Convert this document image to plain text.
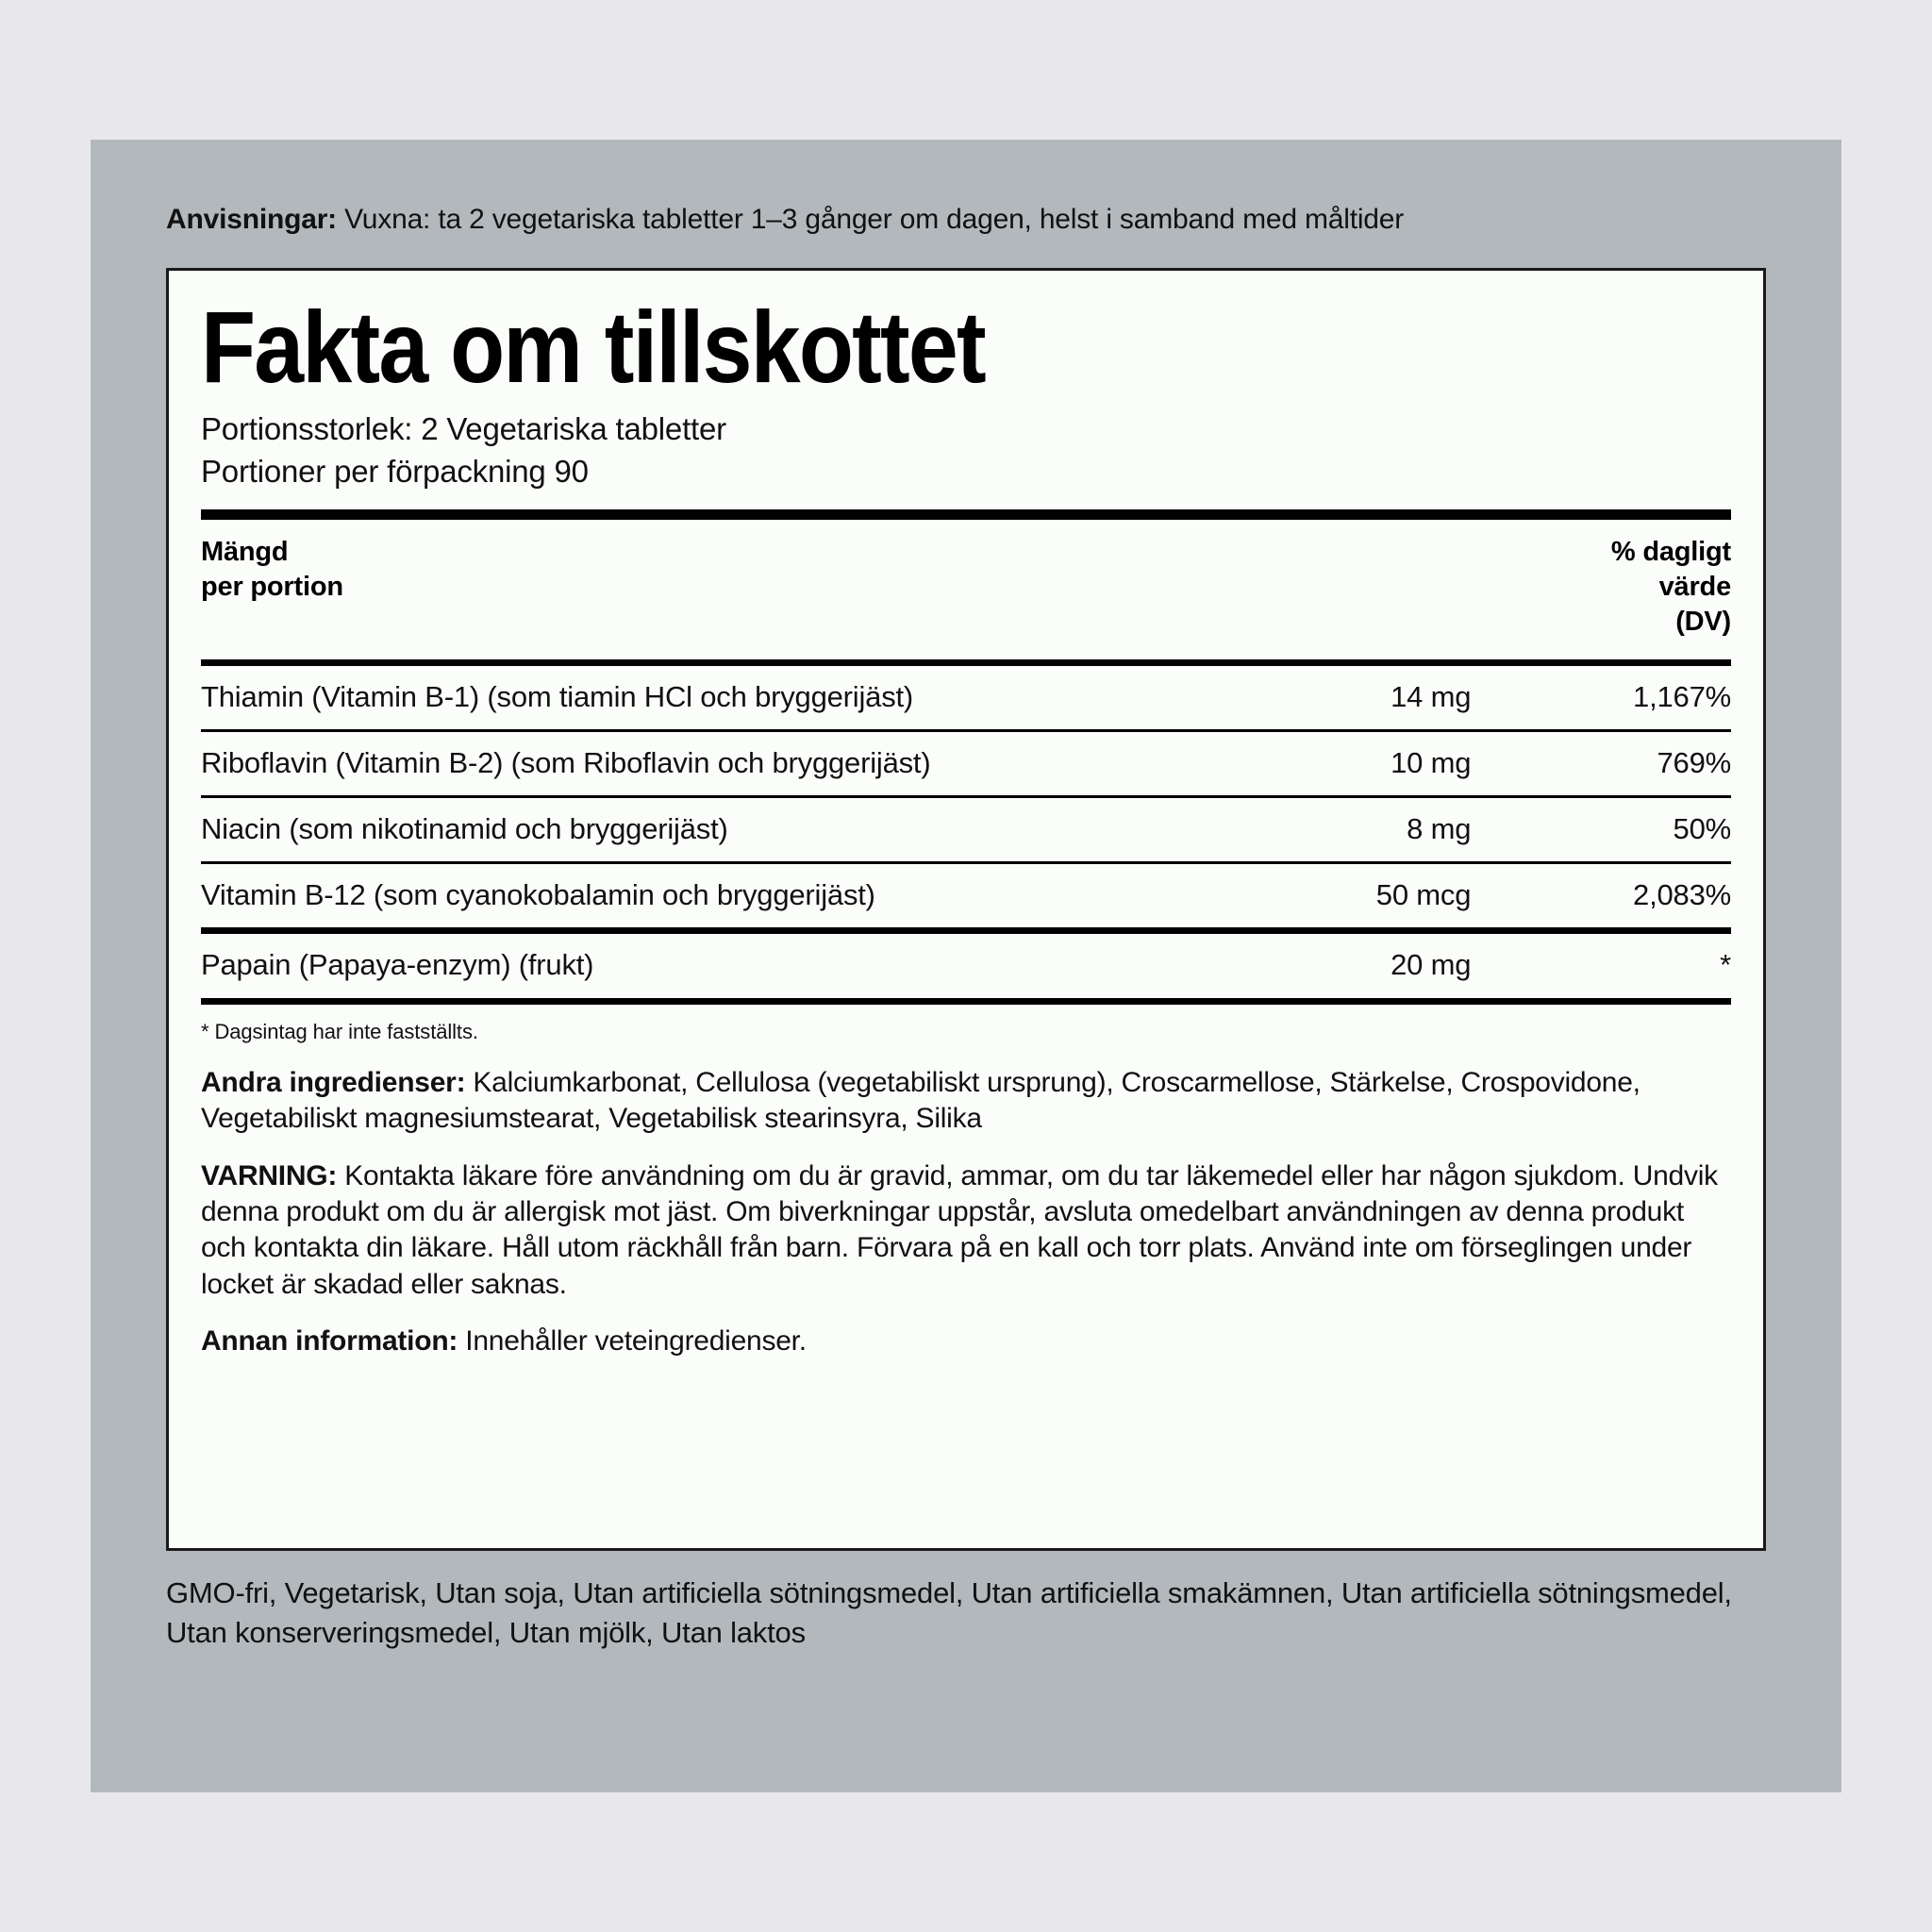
Anvisningar: Vuxna: ta 2 vegetariska tabletter 1–3 gånger om dagen, helst i samband med måltider
Fakta om tillskottet
Portionsstorlek: 2 Vegetariska tabletter
Portioner per förpackning 90
Mängd
per portion

% dagligt
värde
(DV)

Thiamin (Vitamin B-1) (som tiamin HCl och bryggerijäst)	14 mg	1,167%

Riboflavin (Vitamin B-2) (som Riboflavin och bryggerijäst)	10 mg	769%

Niacin (som nikotinamid och bryggerijäst)	8 mg	50%

Vitamin B-12 (som cyanokobalamin och bryggerijäst)	50 mcg	2,083%

Papain (Papaya-enzym) (frukt)	20 mg	*

* Dagsintag har inte fastställts.

Andra ingredienser: Kalciumkarbonat, Cellulosa (vegetabiliskt ursprung), Croscarmellose, Stärkelse, Crospovidone, Vegetabiliskt magnesiumstearat, Vegetabilisk stearinsyra, Silika

VARNING: Kontakta läkare före användning om du är gravid, ammar, om du tar läkemedel eller har någon sjukdom. Undvik denna produkt om du är allergisk mot jäst. Om biverkningar uppstår, avsluta omedelbart användningen av denna produkt och kontakta din läkare. Håll utom räckhåll från barn. Förvara på en kall och torr plats. Använd inte om förseglingen under locket är skadad eller saknas.

Annan information: Innehåller veteingredienser.

GMO-fri, Vegetarisk, Utan soja, Utan artificiella sötningsmedel, Utan artificiella smakämnen, Utan artificiella sötningsmedel, Utan konserveringsmedel, Utan mjölk, Utan laktos
